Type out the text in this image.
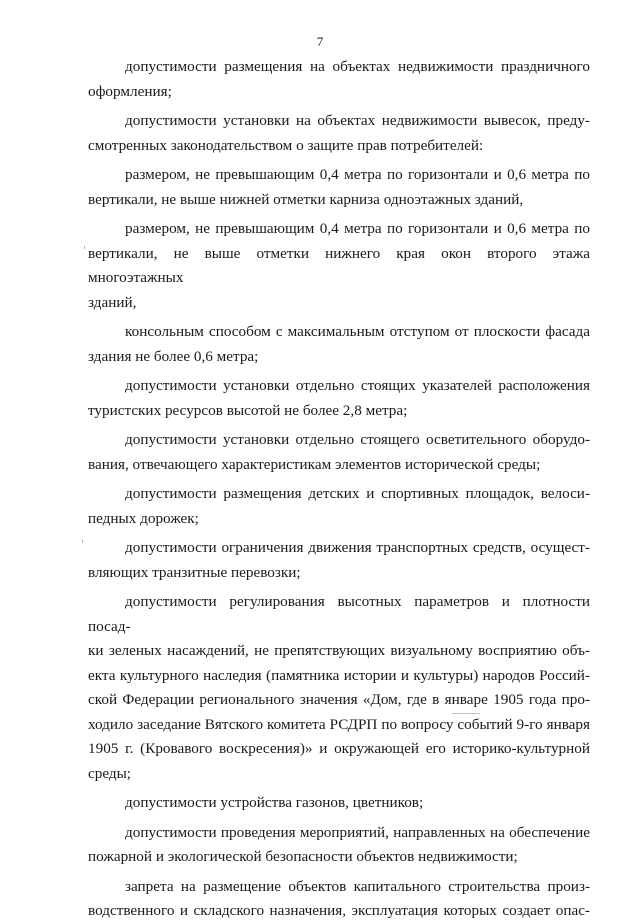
7

допустимости размещения на объектах недвижимости праздничного
оформления;

допустимости установки на объектах недвижимости вывесок, преду-
смотренных законодательством о защите прав потребителей:

размером, не превышающим 0,4 метра по горизонтали и 0,6 метра по
вертикали, не выше нижней отметки карниза одноэтажных зданий,

размером, не превышающим 0,4 метра по горизонтали и 0,6 метра по
вертикали, не выше отметки нижнего края окон второго этажа многоэтажных
зданий,

консольным способом с максимальным отступом от плоскости фасада
здания не более 0,6 метра;

допустимости установки отдельно стоящих указателей расположения
туристских ресурсов высотой не более 2,8 метра;

допустимости установки отдельно стоящего осветительного оборудо-
вания, отвечающего характеристикам элементов исторической среды;

допустимости размещения детских и спортивных площадок, велоси-
педных дорожек;

допустимости ограничения движения транспортных средств, осущест-
вляющих транзитные перевозки;

допустимости регулирования высотных параметров и плотности посад-
ки зеленых насаждений, не препятствующих визуальному восприятию объ-
екта культурного наследия (памятника истории и культуры) народов Россий-
ской Федерации регионального значения «Дом, где в январе 1905 года про-
ходило заседание Вятского комитета РСДРП по вопросу событий 9-го января
1905 г. (Кровавого воскресения)» и окружающей его историко-культурной
среды;

допустимости устройства газонов, цветников;

допустимости проведения мероприятий, направленных на обеспечение
пожарной и экологической безопасности объектов недвижимости;

запрета на размещение объектов капитального строительства произ-
водственного и складского назначения, эксплуатация которых создает опас-
